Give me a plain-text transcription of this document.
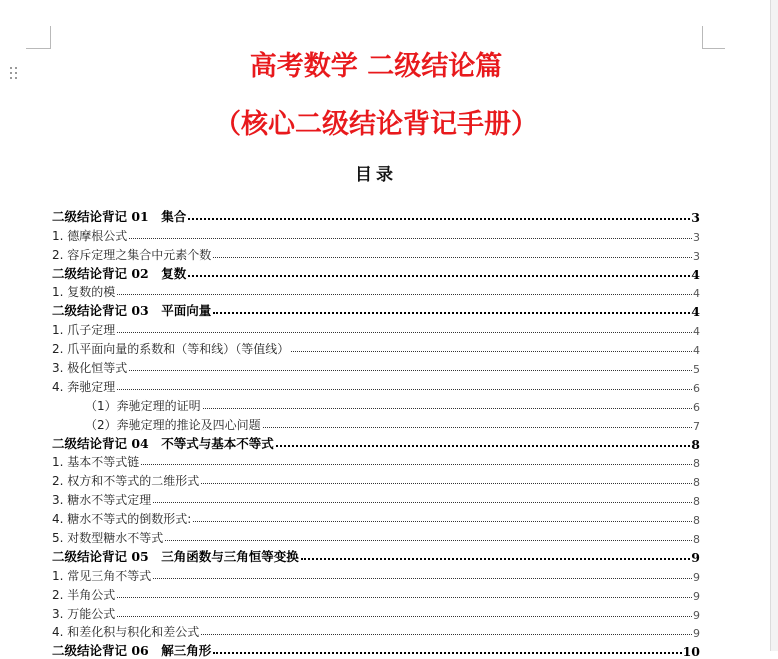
高考数学 二级结论篇
（核心二级结论背记手册）
目录
二级结论背记 01　集合	3
1. 德摩根公式	3
2. 容斥定理之集合中元素个数	3
二级结论背记 02　复数	4
1. 复数的模	4
二级结论背记 03　平面向量	4
1. 爪子定理	4
2. 爪平面向量的系数和（等和线）（等值线）	4
3. 极化恒等式	5
4. 奔驰定理	6
（1）奔驰定理的证明	6
（2）奔驰定理的推论及四心问题	7
二级结论背记 04　不等式与基本不等式	8
1. 基本不等式链	8
2. 权方和不等式的二维形式	8
3. 糖水不等式定理	8
4. 糖水不等式的倒数形式:	8
5. 对数型糖水不等式	8
二级结论背记 05　三角函数与三角恒等变换	9
1. 常见三角不等式	9
2. 半角公式	9
3. 万能公式	9
4. 和差化积与积化和差公式	9
二级结论背记 06　解三角形	10
